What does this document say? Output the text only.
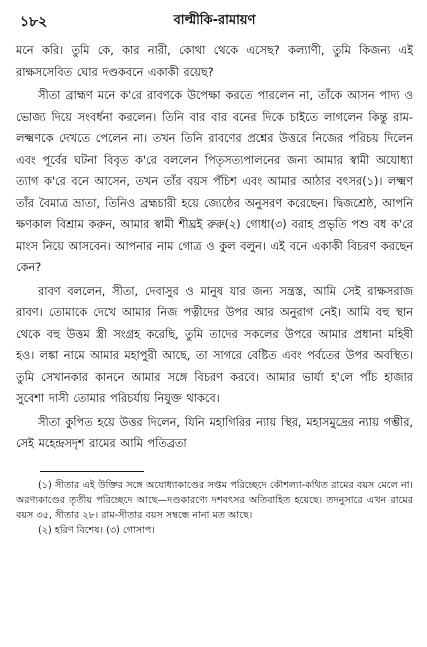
১৮২	বাল্মীকি-রামায়ণ

মনে করি। তুমি কে, কার নারী, কোথা থেকে এসেছ? কল্যাণী, তুমি কিজন্য এই রাক্ষসসেবিত ঘোর দণ্ডকবনে একাকী রয়েছ?

সীতা ব্রাহ্মণ মনে ক'রে রাবণকে উপেক্ষা করতে পারলেন না, তাঁকে আসন পাদ্য ও ভোজ্য দিয়ে সংবর্ধনা করলেন। তিনি বার বার বনের দিকে চাইতে লাগলেন কিন্তু রাম-লক্ষ্মণকে দেখতে পেলেন না। তখন তিনি রাবণের প্রশ্নের উত্তরে নিজের পরিচয় দিলেন এবং পূর্বের ঘটনা বিবৃত ক'রে বললেন পিতৃসত্যপালনের জন্য আমার স্বামী অযোধ্যা ত্যাগ ক'রে বনে আসেন, তখন তাঁর বয়স পঁচিশ এবং আমার আঠার বৎসর(১)। লক্ষ্মণ তাঁর বৈমাত্র ভ্রাতা, তিনিও ব্রহ্মচারী হয়ে জ্যেষ্ঠের অনুসরণ করেছেন। দ্বিজশ্রেষ্ঠ, আপনি ক্ষণকাল বিশ্রাম করুন, আমার স্বামী শীঘ্রই রুরু(২) গোধা(৩) বরাহ প্রভৃতি পশু বধ ক'রে মাংস নিয়ে আসবেন। আপনার নাম গোত্র ও কুল বলুন। এই বনে একাকী বিচরণ করছেন কেন?

রাবণ বললেন, সীতা, দেবাসুর ও মানুষ যার জন্য সন্ত্রস্ত, আমি সেই রাক্ষসরাজ রাবণ। তোমাকে দেখে আমার নিজ পত্নীদের উপর আর অনুরাগ নেই। আমি বহু স্থান থেকে বহু উত্তম স্ত্রী সংগ্রহ করেছি, তুমি তাদের সকলের উপরে আমার প্রধানা মহিষী হও। লঙ্কা নামে আমার মহাপুরী আছে, তা সাগরে বেষ্টিত এবং পর্বতের উপর অবস্থিত। তুমি সেখানকার কাননে আমার সঙ্গে বিচরণ করবে। আমার ভার্যা হ'লে পাঁচ হাজার সুবেশা দাসী তোমার পরিচর্যায় নিযুক্ত থাকবে।

সীতা কুপিত হয়ে উত্তর দিলেন, যিনি মহাগিরির ন্যায় স্থির, মহাসমুদ্রের ন্যায় গম্ভীর, সেই মহেন্দ্রসদৃশ রামের আমি পতিব্রতা

(১) সীতার এই উক্তির সঙ্গে অযোধ্যাকাণ্ডের সপ্তম পরিচ্ছেদে কৌশল্যা-কথিত রামের বয়স মেলে না। অরণ্যকাণ্ডের তৃতীয় পরিচ্ছেদে আছে—দণ্ডকারণ্যে দশবৎসর অতিবাহিত হয়েছে। তদনুসারে এখন রামের বয়স ৩৫, সীতার ২৮। রাম-সীতার বয়স সম্বন্ধে নানা মত আছে।

(২) হরিণ বিশেষ। (৩) গোসাপ।
